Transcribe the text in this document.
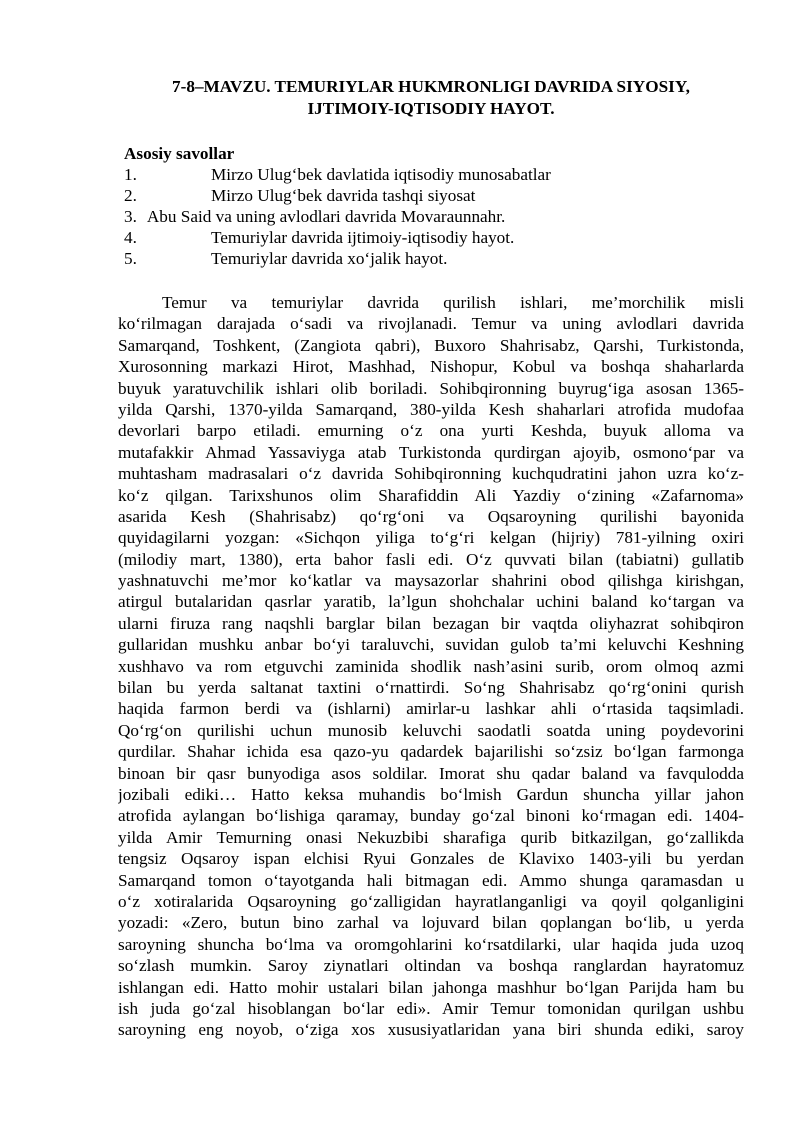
7-8–MAVZU. TEMURIYLAR HUKMRONLIGI DAVRIDA SIYOSIY,
IJTIMOIY-IQTISODIY HAYOT.
Asosiy savollar
1.	Mirzo Ulug‘bek davlatida iqtisodiy munosabatlar
2.	Mirzo Ulug‘bek davrida tashqi siyosat
3. Abu Said va uning avlodlari davrida Movaraunnahr.
4.	Temuriylar davrida ijtimoiy-iqtisodiy hayot.
5.	Temuriylar davrida xo‘jalik hayot.
Temur va temuriylar davrida qurilish ishlari, me’morchilik misli
ko‘rilmagan darajada o‘sadi va rivojlanadi. Temur va uning avlodlari davrida
Samarqand, Toshkent, (Zangiota qabri), Buxoro Shahrisabz, Qarshi, Turkistonda,
Xurosonning markazi Hirot, Mashhad, Nishopur, Kobul va boshqa shaharlarda
buyuk yaratuvchilik ishlari olib boriladi. Sohibqironning buyrug‘iga asosan 1365-
yilda Qarshi, 1370-yilda Samarqand, 380-yilda Kesh shaharlari atrofida mudofaa
devorlari barpo etiladi. emurning o‘z ona yurti Keshda, buyuk alloma va
mutafakkir Ahmad Yassaviyga atab Turkistonda qurdirgan ajoyib, osmono‘par va
muhtasham madrasalari o‘z davrida Sohibqironning kuchqudratini jahon uzra ko‘z-
ko‘z qilgan. Tarixshunos olim Sharafiddin Ali Yazdiy o‘zining «Zafarnoma»
asarida Kesh (Shahrisabz) qo‘rg‘oni va Oqsaroyning qurilishi bayonida
quyidagilarni yozgan: «Sichqon yiliga to‘g‘ri kelgan (hijriy) 781-yilning oxiri
(milodiy mart, 1380), erta bahor fasli edi. O‘z quvvati bilan (tabiatni) gullatib
yashnatuvchi me’mor ko‘katlar va maysazorlar shahrini obod qilishga kirishgan,
atirgul butalaridan qasrlar yaratib, la’lgun shohchalar uchini baland ko‘targan va
ularni firuza rang naqshli barglar bilan bezagan bir vaqtda oliyhazrat sohibqiron
gullaridan mushku anbar bo‘yi taraluvchi, suvidan gulob ta’mi keluvchi Keshning
xushhavo va rom etguvchi zaminida shodlik nash’asini surib, orom olmoq azmi
bilan bu yerda saltanat taxtini o‘rnattirdi. So‘ng Shahrisabz qo‘rg‘onini qurish
haqida farmon berdi va (ishlarni) amirlar-u lashkar ahli o‘rtasida taqsimladi.
Qo‘rg‘on qurilishi uchun munosib keluvchi saodatli soatda uning poydevorini
qurdilar. Shahar ichida esa qazo-yu qadardek bajarilishi so‘zsiz bo‘lgan farmonga
binoan bir qasr bunyodiga asos soldilar. Imorat shu qadar baland va favqulodda
jozibali ediki… Hatto keksa muhandis bo‘lmish Gardun shuncha yillar jahon
atrofida aylangan bo‘lishiga qaramay, bunday go‘zal binoni ko‘rmagan edi. 1404-
yilda Amir Temurning onasi Nekuzbibi sharafiga qurib bitkazilgan, go‘zallikda
tengsiz Oqsaroy ispan elchisi Ryui Gonzales de Klavixo 1403-yili bu yerdan
Samarqand tomon o‘tayotganda hali bitmagan edi. Ammo shunga qaramasdan u
o‘z xotiralarida Oqsaroyning go‘zalligidan hayratlanganligi va qoyil qolganligini
yozadi: «Zero, butun bino zarhal va lojuvard bilan qoplangan bo‘lib, u yerda
saroyning shuncha bo‘lma va oromgohlarini ko‘rsatdilarki, ular haqida juda uzoq
so‘zlash mumkin. Saroy ziynatlari oltindan va boshqa ranglardan hayratomuz
ishlangan edi. Hatto mohir ustalari bilan jahonga mashhur bo‘lgan Parijda ham bu
ish juda go‘zal hisoblangan bo‘lar edi». Amir Temur tomonidan qurilgan ushbu
saroyning eng noyob, o‘ziga xos xususiyatlaridan yana biri shunda ediki, saroy
